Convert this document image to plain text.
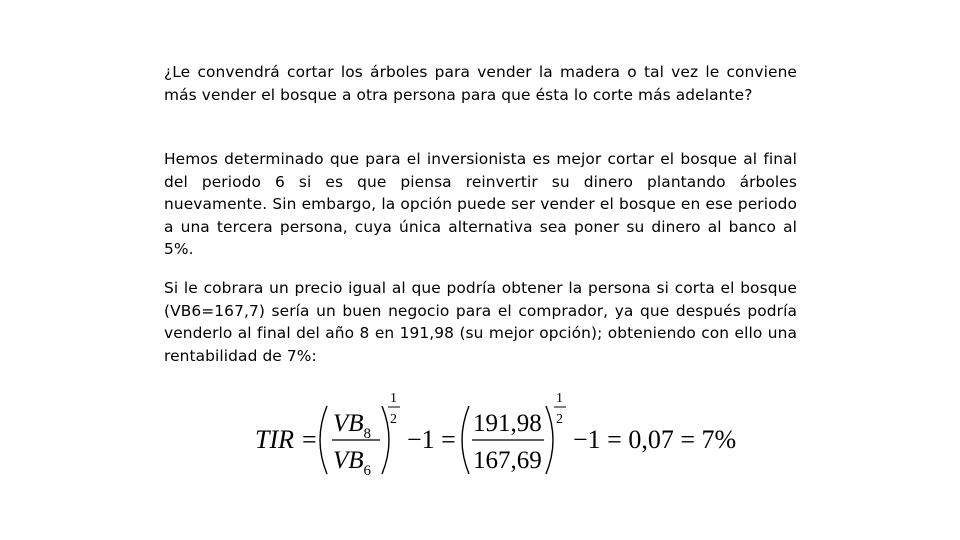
¿Le convendrá cortar los árboles para vender la madera o tal vez le conviene más vender el bosque a otra persona para que ésta lo corte más adelante?

Hemos determinado que para el inversionista es mejor cortar el bosque al final del periodo 6 si es que piensa reinvertir su dinero plantando árboles nuevamente. Sin embargo, la opción puede ser vender el bosque en ese periodo a una tercera persona, cuya única alternativa sea poner su dinero al banco al 5%.

Si le cobrara un precio igual al que podría obtener la persona si corta el bosque (VB6=167,7) sería un buen negocio para el comprador, ya que después podría venderlo al final del año 8 en 191,98 (su mejor opción); obteniendo con ello una rentabilidad de 7%:

TIR =
$VB_8$
$VB_6$
1
2
−1 =
191,98
167,69
1
2
−1 = 0,07 = 7%
